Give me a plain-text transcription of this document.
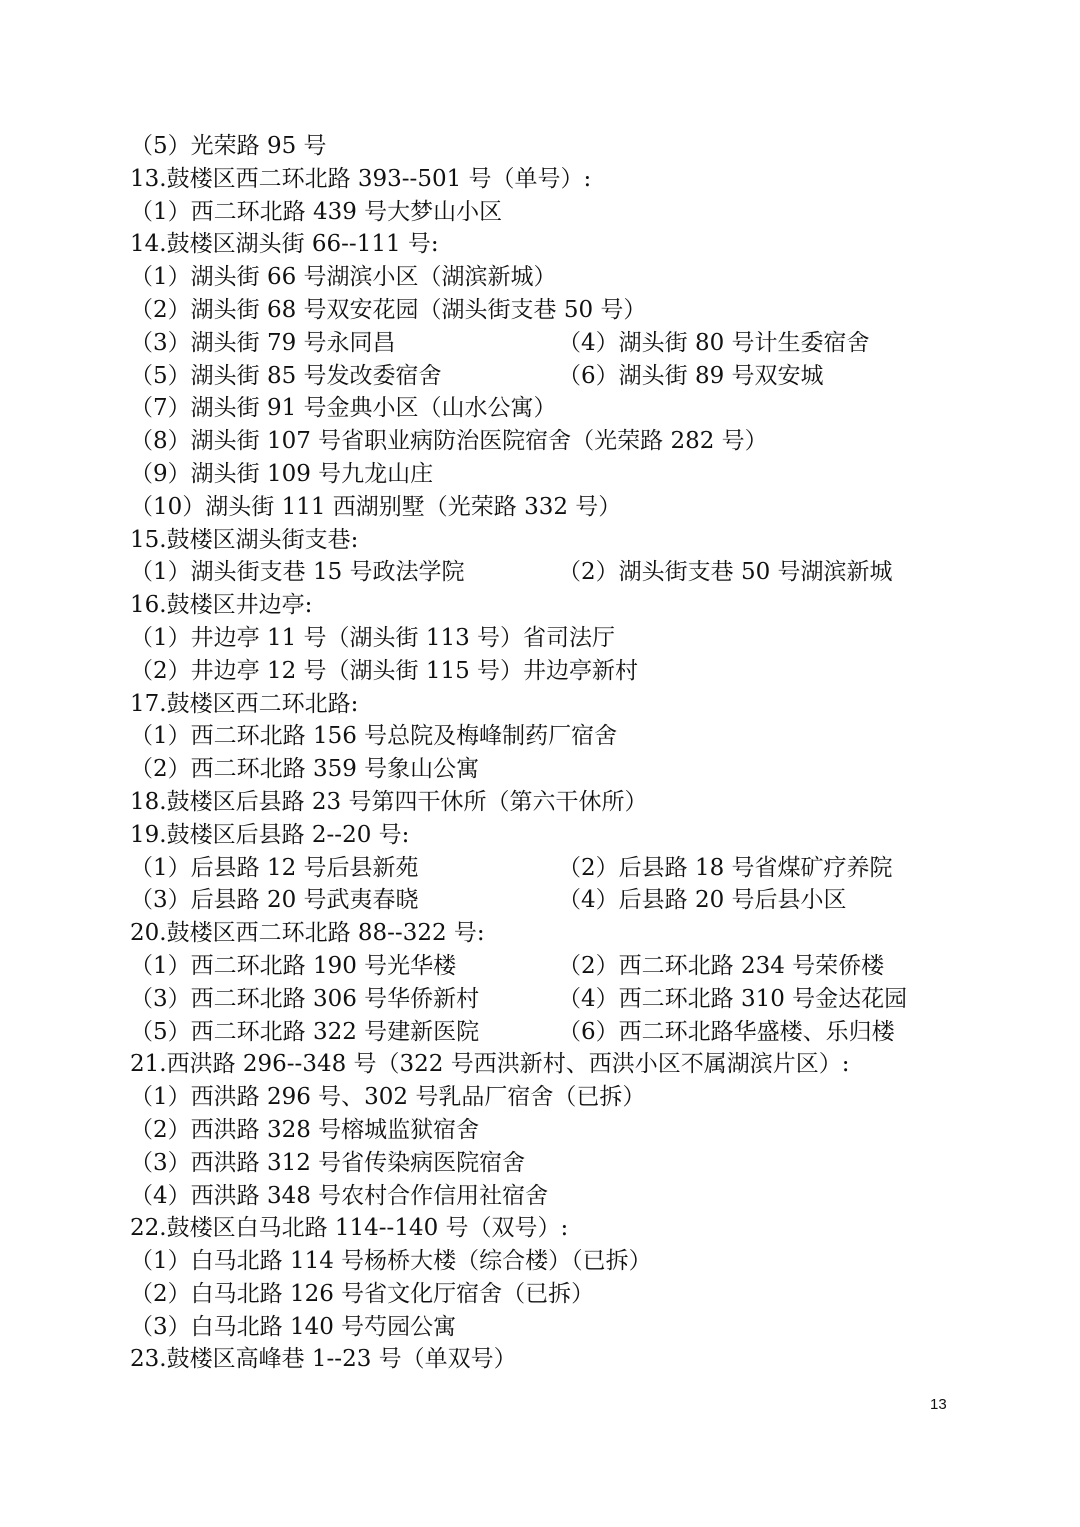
（5）光荣路 95 号
13.鼓楼区西二环北路 393--501 号（单号）:
（1）西二环北路 439 号大梦山小区
14.鼓楼区湖头街 66--111 号:
（1）湖头街 66 号湖滨小区（湖滨新城）
（2）湖头街 68 号双安花园（湖头街支巷 50 号）
（3）湖头街 79 号永同昌	（4）湖头街 80 号计生委宿舍
（5）湖头街 85 号发改委宿舍	（6）湖头街 89 号双安城
（7）湖头街 91 号金典小区（山水公寓）
（8）湖头街 107 号省职业病防治医院宿舍（光荣路 282 号）
（9）湖头街 109 号九龙山庄
（10）湖头街 111 西湖别墅（光荣路 332 号）
15.鼓楼区湖头街支巷:
（1）湖头街支巷 15 号政法学院	（2）湖头街支巷 50 号湖滨新城
16.鼓楼区井边亭:
（1）井边亭 11 号（湖头街 113 号）省司法厅
（2）井边亭 12 号（湖头街 115 号）井边亭新村
17.鼓楼区西二环北路:
（1）西二环北路 156 号总院及梅峰制药厂宿舍
（2）西二环北路 359 号象山公寓
18.鼓楼区后县路 23 号第四干休所（第六干休所）
19.鼓楼区后县路 2--20 号:
（1）后县路 12 号后县新苑	（2）后县路 18 号省煤矿疗养院
（3）后县路 20 号武夷春晓	（4）后县路 20 号后县小区
20.鼓楼区西二环北路 88--322 号:
（1）西二环北路 190 号光华楼	（2）西二环北路 234 号荣侨楼
（3）西二环北路 306 号华侨新村	（4）西二环北路 310 号金达花园
（5）西二环北路 322 号建新医院	（6）西二环北路华盛楼、乐归楼
21.西洪路 296--348 号（322 号西洪新村、西洪小区不属湖滨片区）:
（1）西洪路 296 号、302 号乳品厂宿舍（已拆）
（2）西洪路 328 号榕城监狱宿舍
（3）西洪路 312 号省传染病医院宿舍
（4）西洪路 348 号农村合作信用社宿舍
22.鼓楼区白马北路 114--140 号（双号）:
（1）白马北路 114 号杨桥大楼（综合楼）（已拆）
（2）白马北路 126 号省文化厅宿舍（已拆）
（3）白马北路 140 号芍园公寓
23.鼓楼区高峰巷 1--23 号（单双号）
13
